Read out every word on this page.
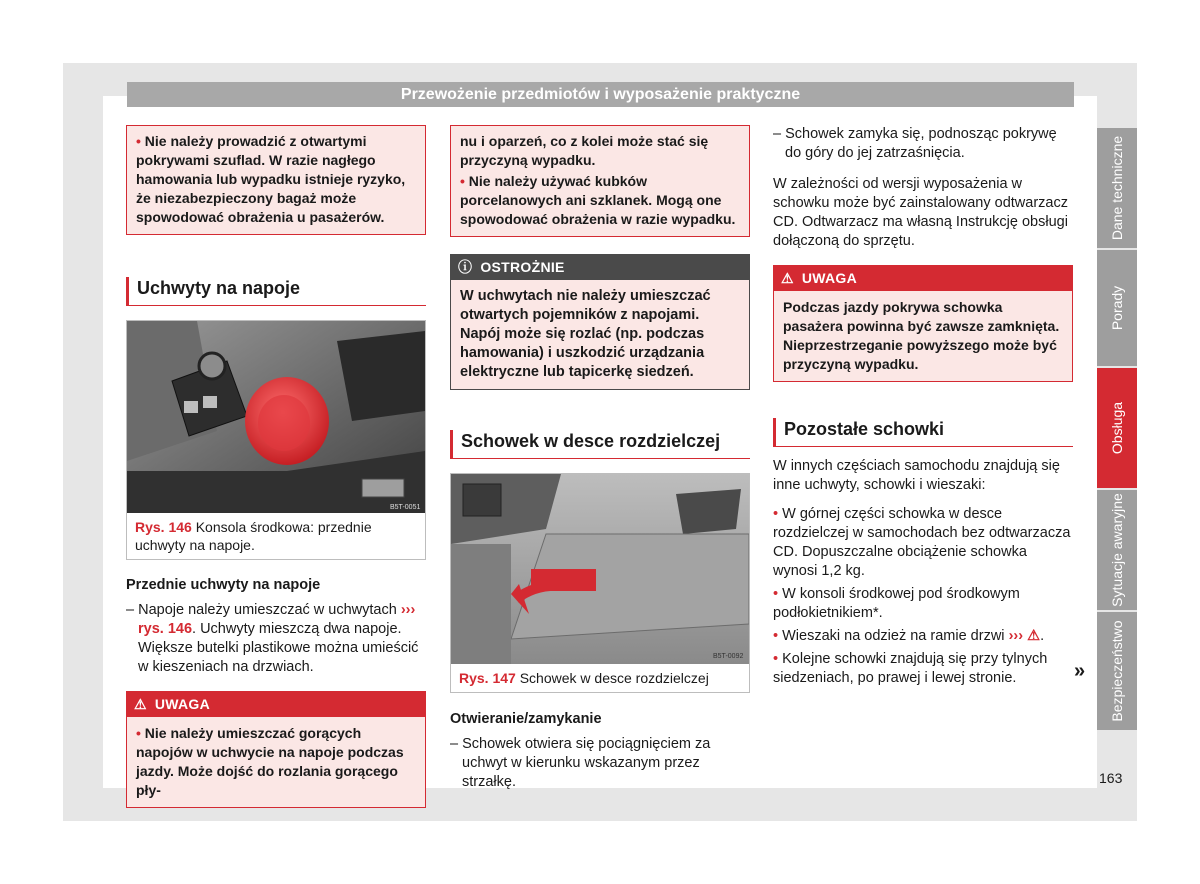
Przewożenie przedmiotów i wyposażenie praktyczne

• Nie należy prowadzić z otwartymi pokrywami szuflad. W razie nagłego hamowania lub wypadku istnieje ryzyko, że niezabezpieczony bagaż może spowodować obrażenia u pasażerów.

Uchwyty na napoje
B5T-0051
Rys. 146 Konsola środkowa: przednie uchwyty na napoje.
Przednie uchwyty na napoje

– Napoje należy umieszczać w uchwytach ››› rys. 146. Uchwyty mieszczą dwa napoje. Większe butelki plastikowe można umieścić w kieszeniach na drzwiach.

⚠ UWAGA

• Nie należy umieszczać gorących napojów w uchwycie na napoje podczas jazdy. Może dojść do rozlania gorącego pły-

nu i oparzeń, co z kolei może stać się przyczyną wypadku.

• Nie należy używać kubków porcelanowych ani szklanek. Mogą one spowodować obrażenia w razie wypadku.

ⓘ OSTROŻNIE

W uchwytach nie należy umieszczać otwartych pojemników z napojami. Napój może się rozlać (np. podczas hamowania) i uszkodzić urządzania elektryczne lub tapicerkę siedzeń.

Schowek w desce rozdzielczej
B5T-0092
Rys. 147 Schowek w desce rozdzielczej
Otwieranie/zamykanie

– Schowek otwiera się pociągnięciem za uchwyt w kierunku wskazanym przez strzałkę.

– Schowek zamyka się, podnosząc pokrywę do góry do jej zatrzaśnięcia.

W zależności od wersji wyposażenia w schowku może być zainstalowany odtwarzacz CD. Odtwarzacz ma własną Instrukcję obsługi dołączoną do sprzętu.

⚠ UWAGA

Podczas jazdy pokrywa schowka pasażera powinna być zawsze zamknięta. Nieprzestrzeganie powyższego może być przyczyną wypadku.

Pozostałe schowki

W innych częściach samochodu znajdują się inne uchwyty, schowki i wieszaki:

• W górnej części schowka w desce rozdzielczej w samochodach bez odtwarzacza CD. Dopuszczalne obciążenie schowka wynosi 1,2 kg.

• W konsoli środkowej pod środkowym podłokietnikiem*.

• Wieszaki na odzież na ramie drzwi ››› ⚠.

• Kolejne schowki znajdują się przy tylnych siedzeniach, po prawej i lewej stronie.	»
Dane techniczne
Porady
Obsługa
Sytuacje awaryjne
Bezpieczeństwo
163
